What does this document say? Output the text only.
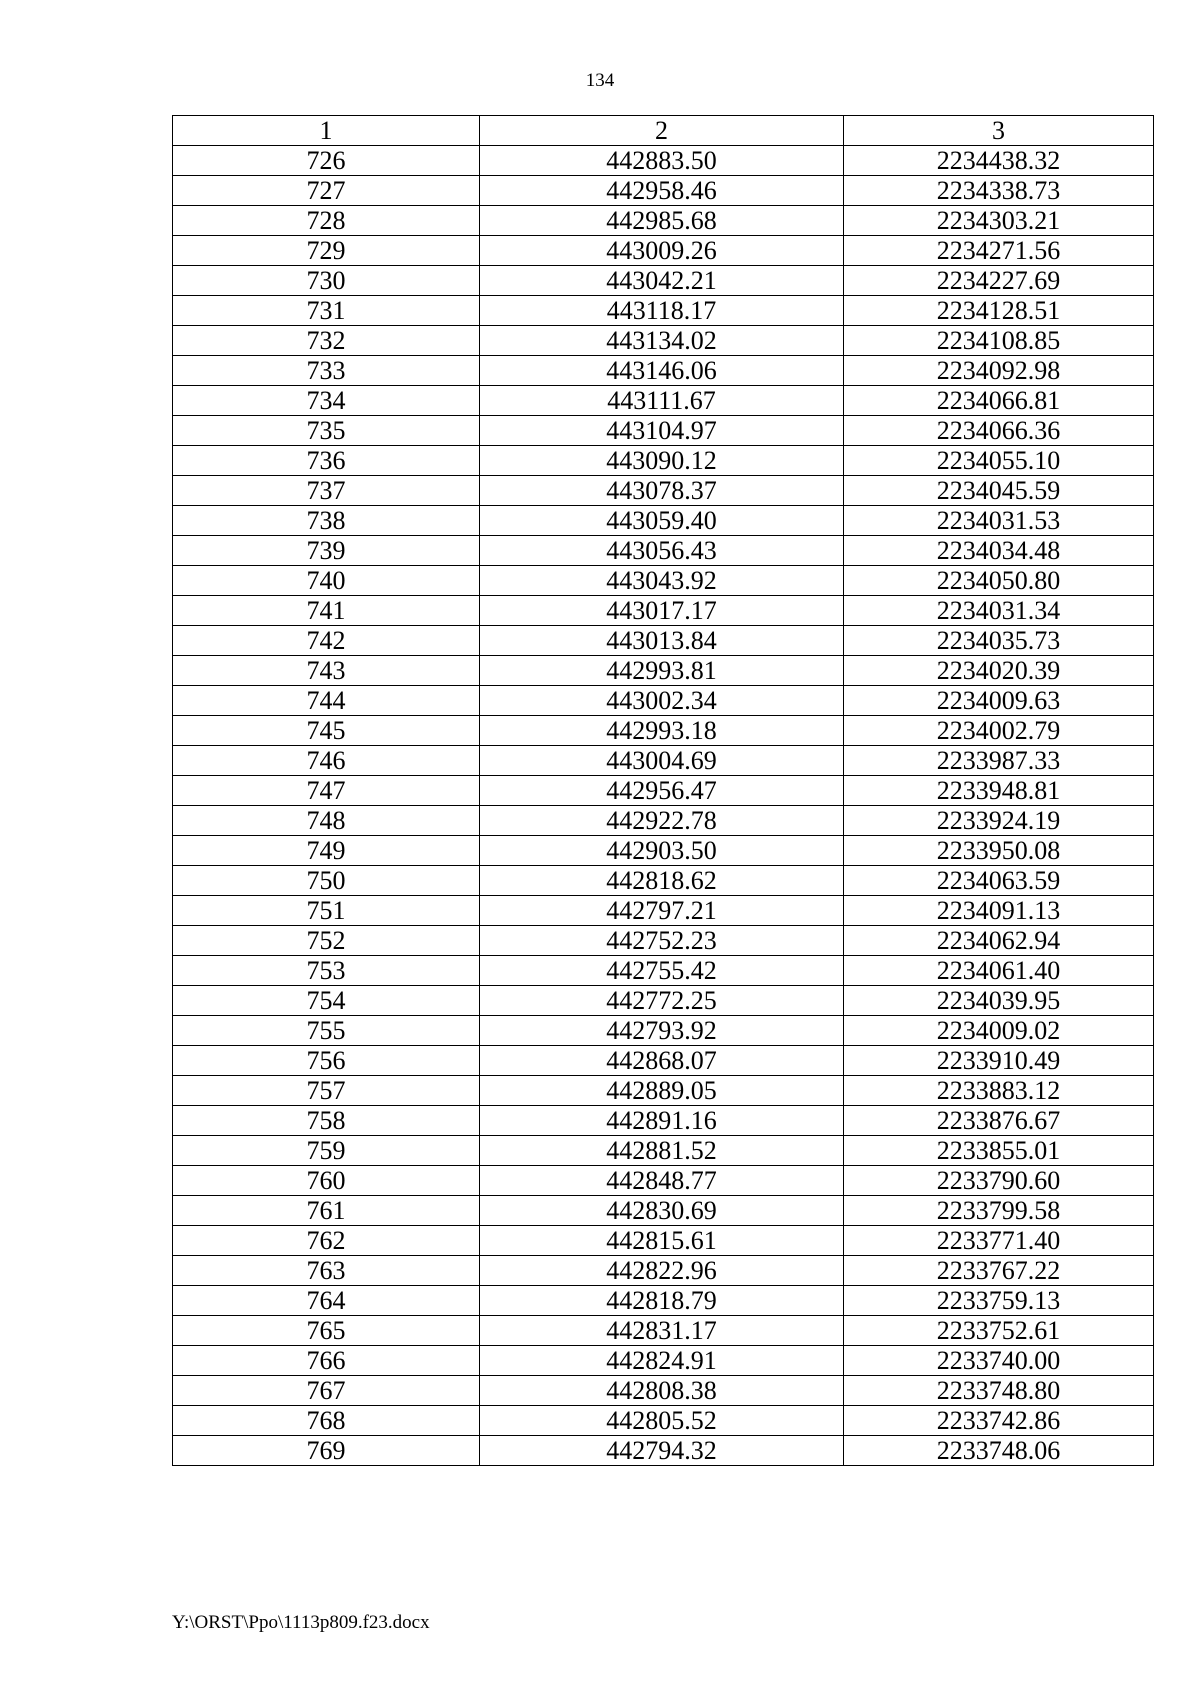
134
1	2	3
726	442883.50	2234438.32
727	442958.46	2234338.73
728	442985.68	2234303.21
729	443009.26	2234271.56
730	443042.21	2234227.69
731	443118.17	2234128.51
732	443134.02	2234108.85
733	443146.06	2234092.98
734	443111.67	2234066.81
735	443104.97	2234066.36
736	443090.12	2234055.10
737	443078.37	2234045.59
738	443059.40	2234031.53
739	443056.43	2234034.48
740	443043.92	2234050.80
741	443017.17	2234031.34
742	443013.84	2234035.73
743	442993.81	2234020.39
744	443002.34	2234009.63
745	442993.18	2234002.79
746	443004.69	2233987.33
747	442956.47	2233948.81
748	442922.78	2233924.19
749	442903.50	2233950.08
750	442818.62	2234063.59
751	442797.21	2234091.13
752	442752.23	2234062.94
753	442755.42	2234061.40
754	442772.25	2234039.95
755	442793.92	2234009.02
756	442868.07	2233910.49
757	442889.05	2233883.12
758	442891.16	2233876.67
759	442881.52	2233855.01
760	442848.77	2233790.60
761	442830.69	2233799.58
762	442815.61	2233771.40
763	442822.96	2233767.22
764	442818.79	2233759.13
765	442831.17	2233752.61
766	442824.91	2233740.00
767	442808.38	2233748.80
768	442805.52	2233742.86
769	442794.32	2233748.06
Y:\ORST\Ppo\1113p809.f23.docx
